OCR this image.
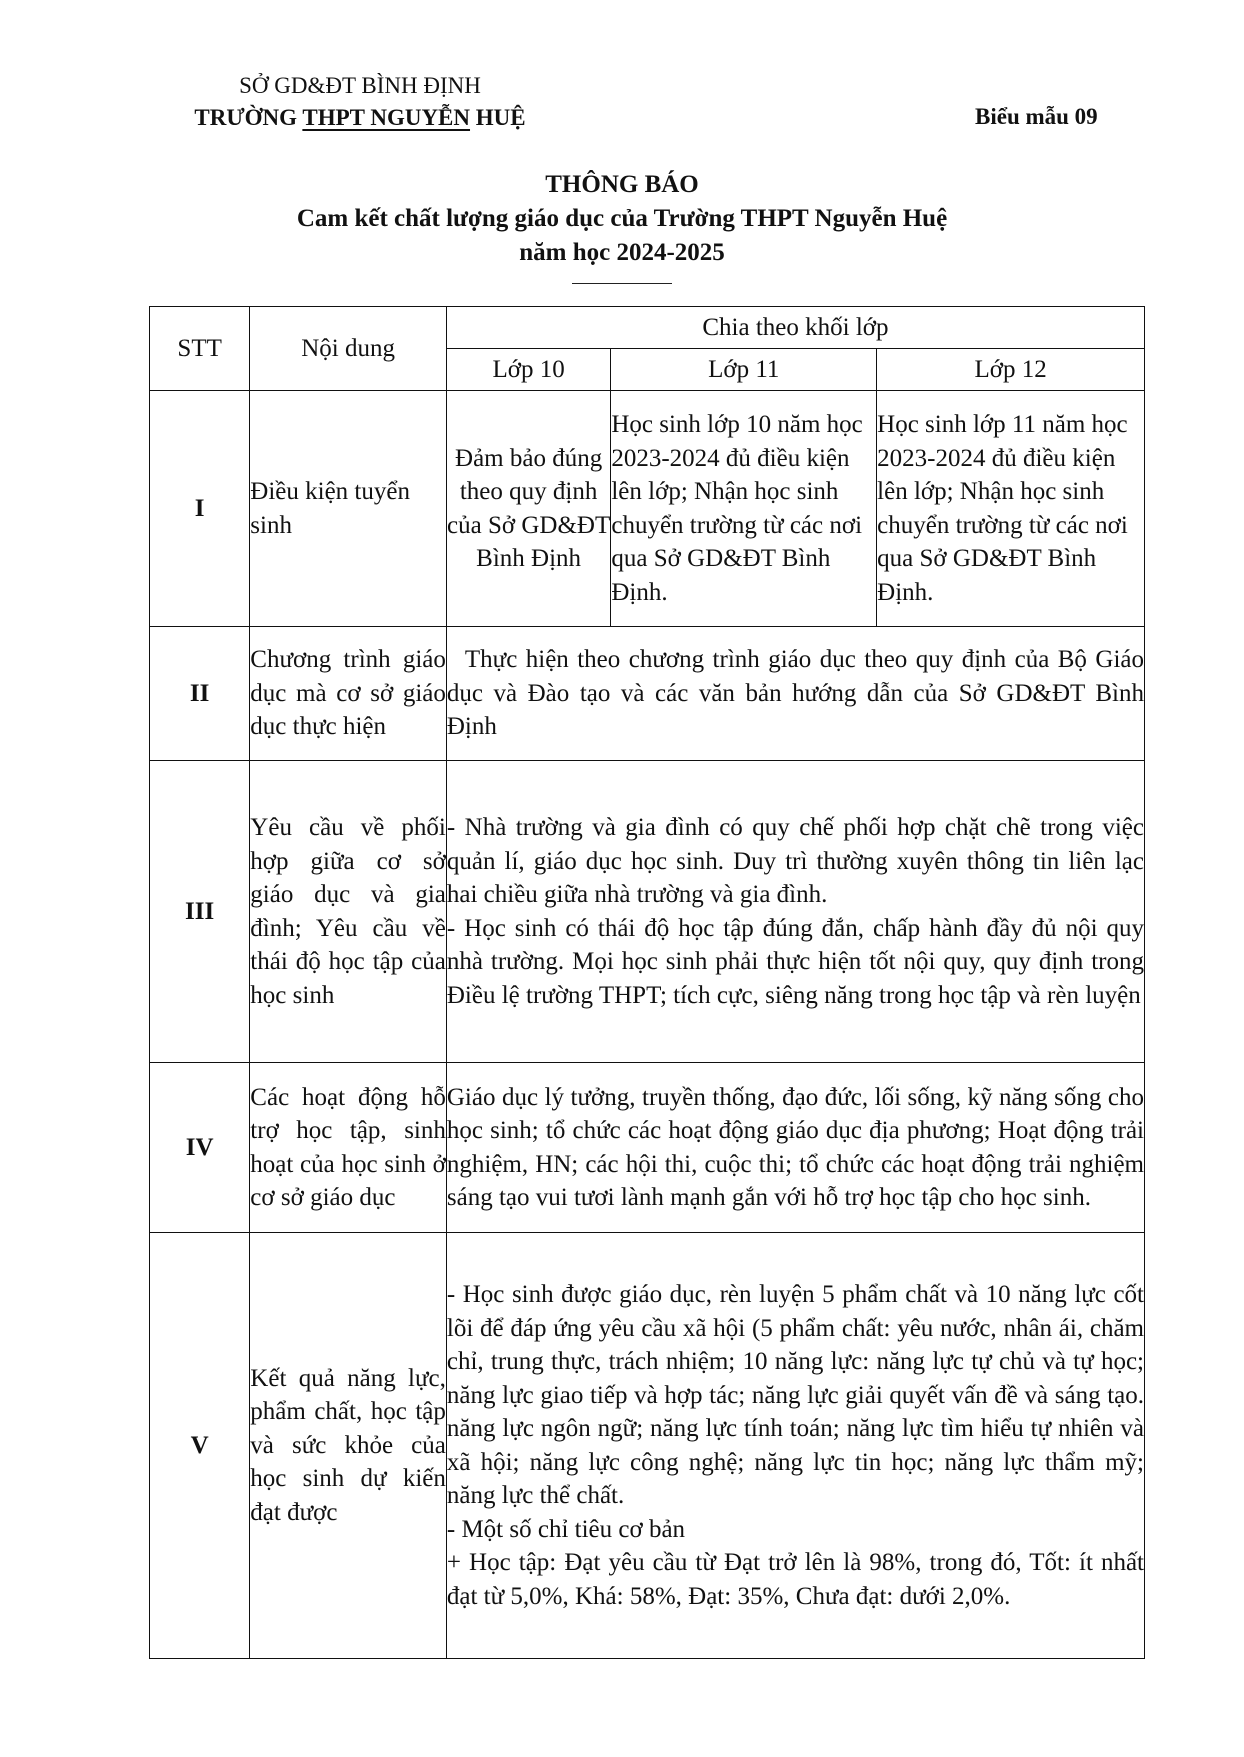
SỞ GD&ĐT BÌNH ĐỊNH
TRƯỜNG THPT NGUYỄN HUỆ	Biểu mẫu 09
THÔNG BÁO
Cam kết chất lượng giáo dục của Trường THPT Nguyễn Huệ
năm học 2024-2025
STT	Nội dung	Chia theo khối lớp		
		Lớp 10	Lớp 11	Lớp 12
I	Điều kiện tuyển sinh	Đảm bảo đúng theo quy định của Sở GD&ĐT Bình Định	Học sinh lớp 10 năm học 2023-2024 đủ điều kiện lên lớp; Nhận học sinh chuyển trường từ các nơi qua Sở GD&ĐT Bình Định.	Học sinh lớp 11 năm học 2023-2024 đủ điều kiện lên lớp; Nhận học sinh chuyển trường từ các nơi qua Sở GD&ĐT Bình Định.
II	Chương trình giáo dục mà cơ sở giáo dục thực hiện	Thực hiện theo chương trình giáo dục theo quy định của Bộ Giáo dục và Đào tạo và các văn bản hướng dẫn của Sở GD&ĐT Bình Định		

III	Yêu cầu về phối hợp giữa cơ sở giáo dục và gia đình; Yêu cầu về thái độ học tập của học sinh	- Nhà trường và gia đình có quy chế phối hợp chặt chẽ trong việc quản lí, giáo dục học sinh. Duy trì thường xuyên thông tin liên lạc hai chiều giữa nhà trường và gia đình.

- Học sinh có thái độ học tập đúng đắn, chấp hành đầy đủ nội quy nhà trường. Mọi học sinh phải thực hiện tốt nội quy, quy định trong Điều lệ trường THPT; tích cực, siêng năng trong học tập và rèn luyện		

IV	Các hoạt động hỗ trợ học tập, sinh hoạt của học sinh ở cơ sở giáo dục	Giáo dục lý tưởng, truyền thống, đạo đức, lối sống, kỹ năng sống cho học sinh; tổ chức các hoạt động giáo dục địa phương; Hoạt động trải nghiệm, HN; các hội thi, cuộc thi; tổ chức các hoạt động trải nghiệm sáng tạo vui tươi lành mạnh gắn với hỗ trợ học tập cho học sinh.		

V	Kết quả năng lực, phẩm chất, học tập và sức khỏe của học sinh dự kiến đạt được	- Học sinh được giáo dục, rèn luyện 5 phẩm chất và 10 năng lực cốt lõi để đáp ứng yêu cầu xã hội (5 phẩm chất: yêu nước, nhân ái, chăm chỉ, trung thực, trách nhiệm; 10 năng lực: năng lực tự chủ và tự học; năng lực giao tiếp và hợp tác; năng lực giải quyết vấn đề và sáng tạo. năng lực ngôn ngữ; năng lực tính toán; năng lực tìm hiểu tự nhiên và xã hội; năng lực công nghệ; năng lực tin học; năng lực thẩm mỹ; năng lực thể chất.

- Một số chỉ tiêu cơ bản

+ Học tập: Đạt yêu cầu từ Đạt trở lên là 98%, trong đó, Tốt: ít nhất đạt từ 5,0%, Khá: 58%, Đạt: 35%, Chưa đạt: dưới 2,0%.		
